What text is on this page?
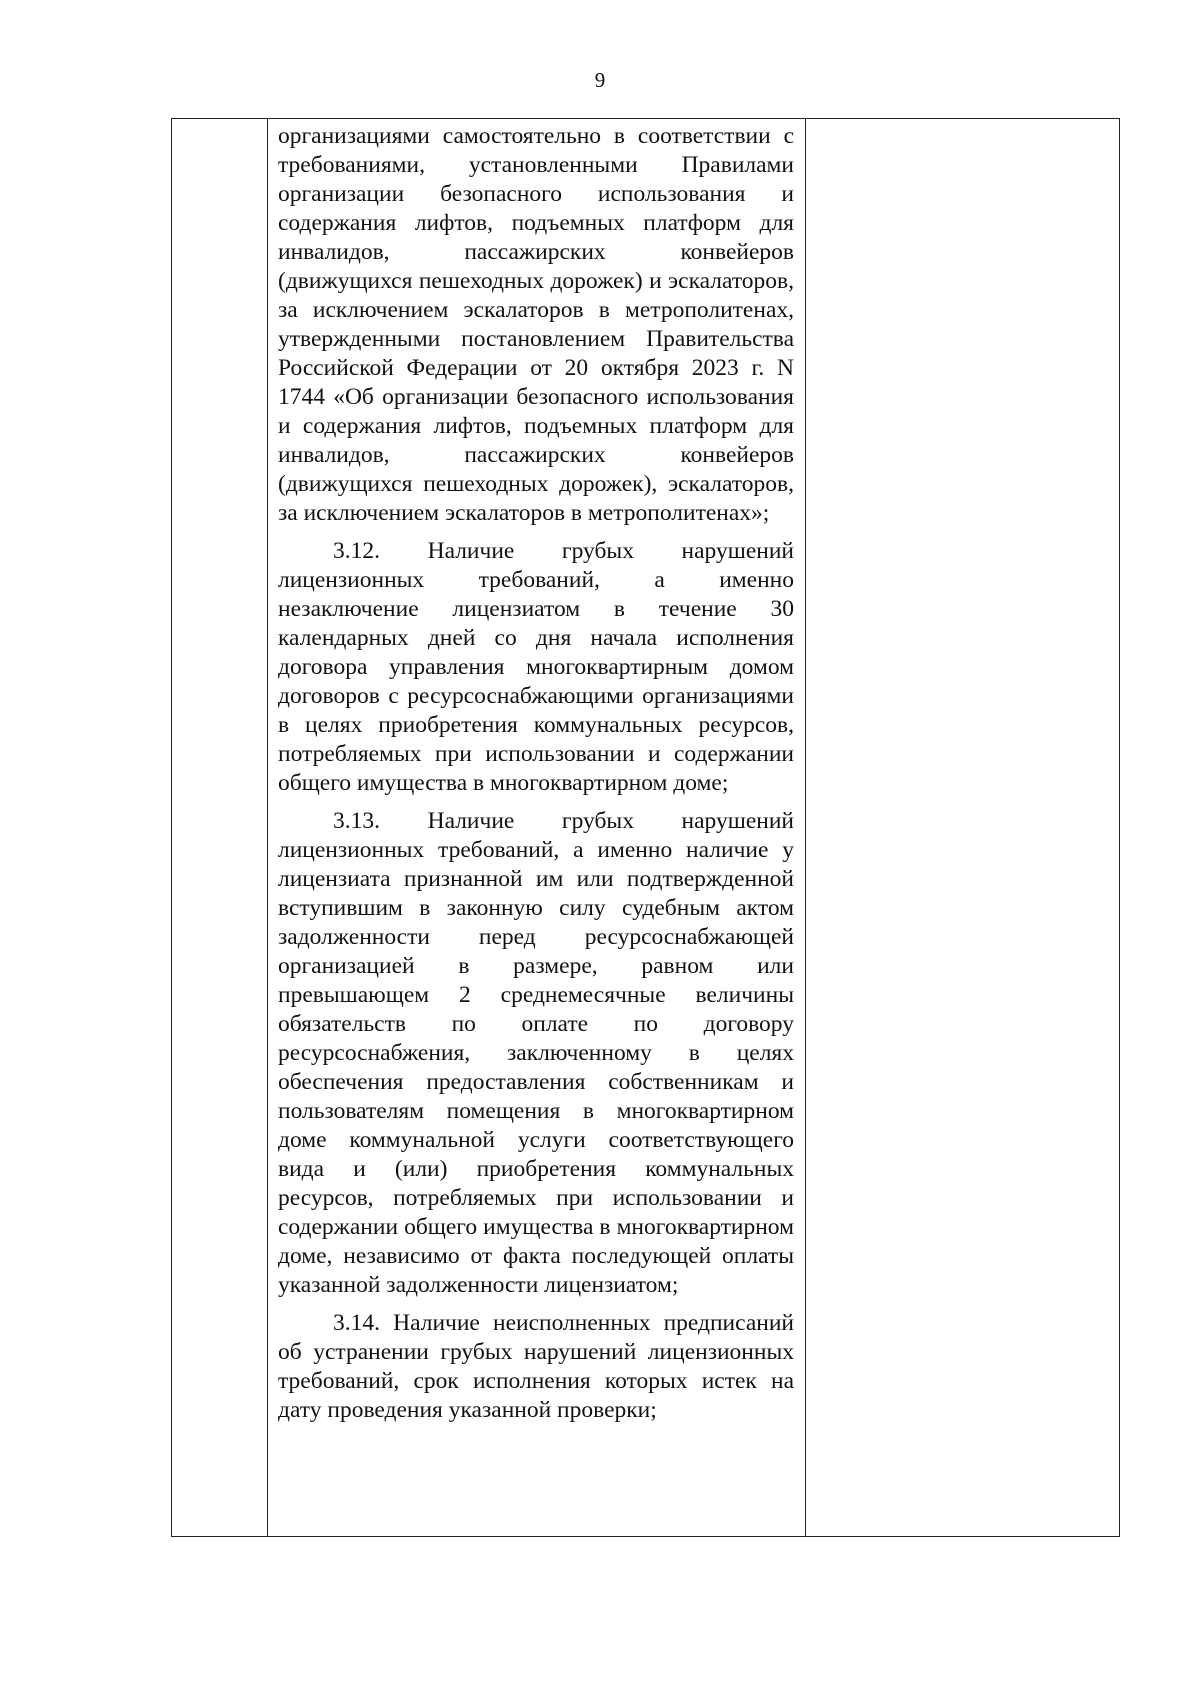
9

организациями самостоятельно в соответствии с требованиями, установленными Правилами организации безопасного использования и содержания лифтов, подъемных платформ для инвалидов, пассажирских конвейеров (движущихся пешеходных дорожек) и эскалаторов, за исключением эскалаторов в метрополитенах, утвержденными постановлением Правительства Российской Федерации от 20 октября 2023 г. N 1744 «Об организации безопасного использования и содержания лифтов, подъемных платформ для инвалидов, пассажирских конвейеров (движущихся пешеходных дорожек), эскалаторов, за исключением эскалаторов в метрополитенах»;

3.12. Наличие грубых нарушений лицензионных требований, а именно незаключение лицензиатом в течение 30 календарных дней со дня начала исполнения договора управления многоквартирным домом договоров с ресурсоснабжающими организациями в целях приобретения коммунальных ресурсов, потребляемых при использовании и содержании общего имущества в многоквартирном доме;

3.13. Наличие грубых нарушений лицензионных требований, а именно наличие у лицензиата признанной им или подтвержденной вступившим в законную силу судебным актом задолженности перед ресурсоснабжающей организацией в размере, равном или превышающем 2 среднемесячные величины обязательств по оплате по договору ресурсоснабжения, заключенному в целях обеспечения предоставления собственникам и пользователям помещения в многоквартирном доме коммунальной услуги соответствующего вида и (или) приобретения коммунальных ресурсов, потребляемых при использовании и содержании общего имущества в многоквартирном доме, независимо от факта последующей оплаты указанной задолженности лицензиатом;

3.14. Наличие неисполненных предписаний об устранении грубых нарушений лицензионных требований, срок исполнения которых истек на дату проведения указанной проверки;
